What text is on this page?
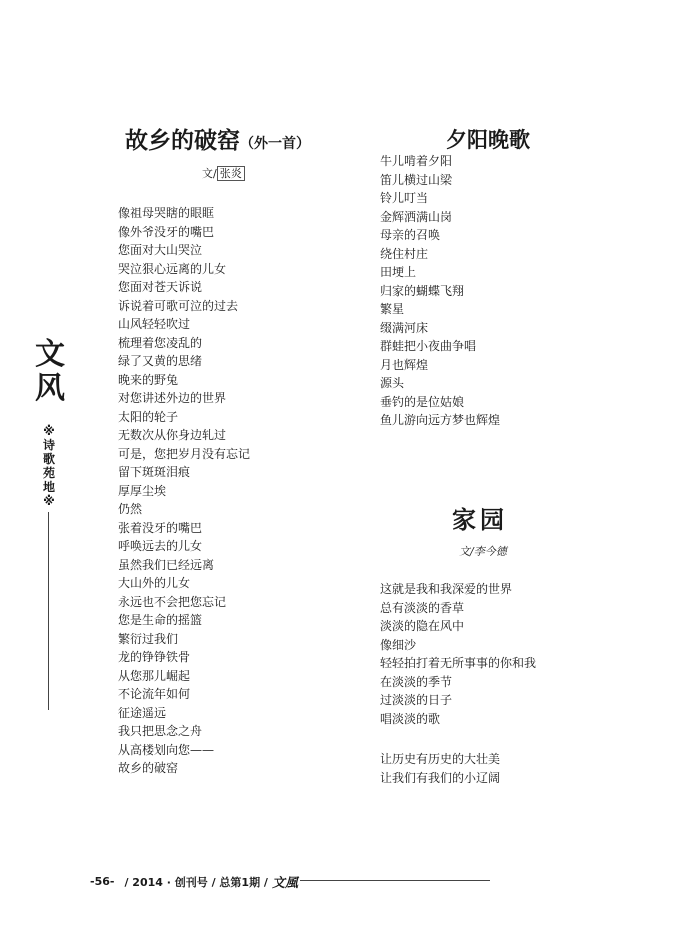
文
风
※
诗
歌
苑
地
※
故乡的破窑（外一首）
文/ 张炎
像祖母哭瞎的眼眶
像外爷没牙的嘴巴
您面对大山哭泣
哭泣狠心远离的儿女
您面对苍天诉说
诉说着可歌可泣的过去
山风轻轻吹过
梳理着您凌乱的
绿了又黄的思绪
晚来的野兔
对您讲述外边的世界
太阳的轮子
无数次从你身边轧过
可是，您把岁月没有忘记
留下斑斑泪痕
厚厚尘埃
仍然
张着没牙的嘴巴
呼唤远去的儿女
虽然我们已经远离
大山外的儿女
永远也不会把您忘记
您是生命的摇篮
繁衍过我们
龙的铮铮铁骨
从您那儿崛起
不论流年如何
征途遥远
我只把思念之舟
从高楼划向您——
故乡的破窑
夕阳晚歌
牛儿啃着夕阳
笛儿横过山梁
铃儿叮当
金辉洒满山岗
母亲的召唤
绕住村庄
田埂上
归家的蝴蝶飞翔
繁星
缀满河床
群蛙把小夜曲争唱
月也辉煌
源头
垂钓的是位姑娘
鱼儿游向远方梦也辉煌
家园
文/李今德
这就是我和我深爱的世界
总有淡淡的香草
淡淡的隐在风中
像细沙
轻轻拍打着无所事事的你和我
在淡淡的季节
过淡淡的日子
唱淡淡的歌
让历史有历史的大壮美
让我们有我们的小辽阔
-56- / 2014 · 创刊号 / 总第1期 / 文風
